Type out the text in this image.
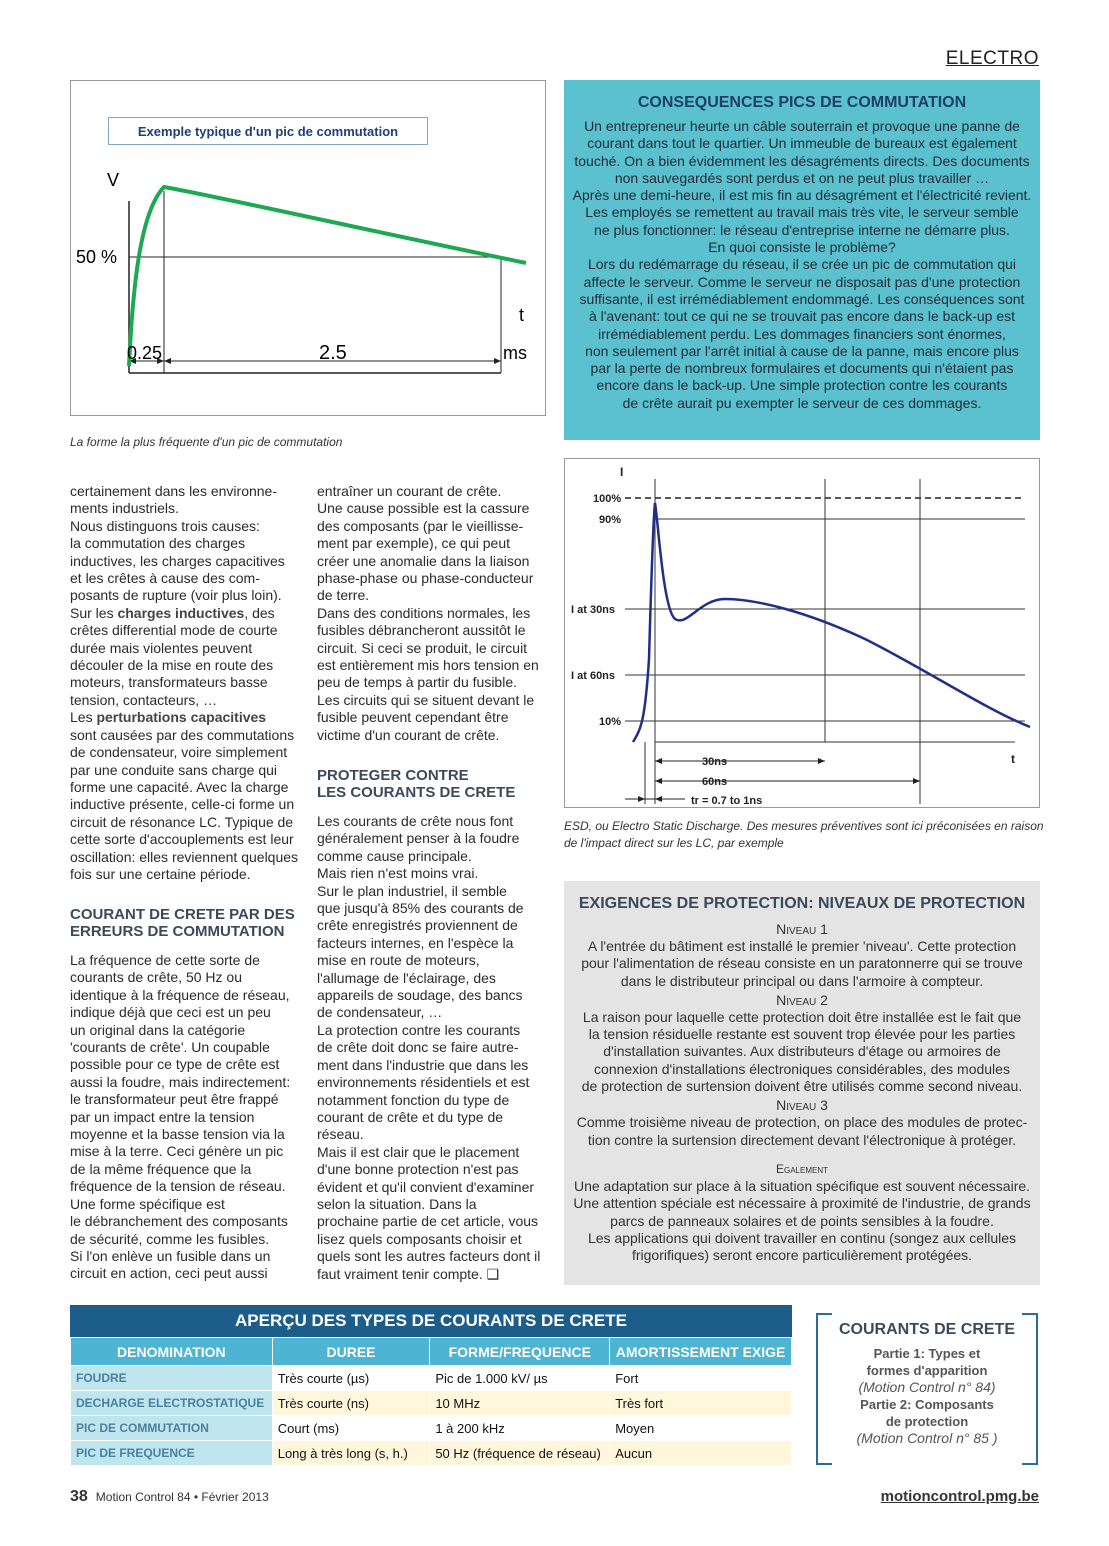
ELECTRO
Exemple typique d'un pic de commutation
V
50 %
t
0.25	2.5	ms
La forme la plus fréquente d'un pic de commutation
CONSEQUENCES PICS DE COMMUTATION

Un entrepreneur heurte un câble souterrain et provoque une panne de
courant dans tout le quartier. Un immeuble de bureaux est également
touché. On a bien évidemment les désagréments directs. Des documents
non sauvegardés sont perdus et on ne peut plus travailler …
Après une demi-heure, il est mis fin au désagrément et l'électricité revient.
Les employés se remettent au travail mais très vite, le serveur semble
ne plus fonctionner: le réseau d'entreprise interne ne démarre plus.
En quoi consiste le problème?
Lors du redémarrage du réseau, il se crée un pic de commutation qui
affecte le serveur. Comme le serveur ne disposait pas d'une protection
suffisante, il est irrémédiablement endommagé. Les conséquences sont
à l'avenant: tout ce qui ne se trouvait pas encore dans le back-up est
irrémédiablement perdu. Les dommages financiers sont énormes,
non seulement par l'arrêt initial à cause de la panne, mais encore plus
par la perte de nombreux formulaires et documents qui n'étaient pas
encore dans le back-up. Une simple protection contre les courants
de crête aurait pu exempter le serveur de ces dommages.

I
100%
90%
I at 30ns
I at 60ns
10%
30ns
60ns
tr = 0.7 to 1ns
t
ESD, ou Electro Static Discharge. Des mesures préventives sont ici préconisées en raison
de l'impact direct sur les LC, par exemple
certainement dans les environne-
ments industriels.
Nous distinguons trois causes:
la commutation des charges
inductives, les charges capacitives
et les crêtes à cause des com-
posants de rupture (voir plus loin).
Sur les charges inductives, des
crêtes differential mode de courte
durée mais violentes peuvent
découler de la mise en route des
moteurs, transformateurs basse
tension, contacteurs, …
Les perturbations capacitives
sont causées par des commutations
de condensateur, voire simplement
par une conduite sans charge qui
forme une capacité. Avec la charge
inductive présente, celle-ci forme un
circuit de résonance LC. Typique de
cette sorte d'accouplements est leur
oscillation: elles reviennent quelques
fois sur une certaine période.
COURANT DE CRETE PAR DES
ERREURS DE COMMUTATION
La fréquence de cette sorte de
courants de crête, 50 Hz ou
identique à la fréquence de réseau,
indique déjà que ceci est un peu
un original dans la catégorie
'courants de crête'. Un coupable
possible pour ce type de crête est
aussi la foudre, mais indirectement:
le transformateur peut être frappé
par un impact entre la tension
moyenne et la basse tension via la
mise à la terre. Ceci génère un pic
de la même fréquence que la
fréquence de la tension de réseau.
Une forme spécifique est
le débranchement des composants
de sécurité, comme les fusibles.
Si l'on enlève un fusible dans un
circuit en action, ceci peut aussi
entraîner un courant de crête.
Une cause possible est la cassure
des composants (par le vieillisse-
ment par exemple), ce qui peut
créer une anomalie dans la liaison
phase-phase ou phase-conducteur
de terre.
Dans des conditions normales, les
fusibles débrancheront aussitôt le
circuit. Si ceci se produit, le circuit
est entièrement mis hors tension en
peu de temps à partir du fusible.
Les circuits qui se situent devant le
fusible peuvent cependant être
victime d'un courant de crête.
PROTEGER CONTRE
LES COURANTS DE CRETE
Les courants de crête nous font
généralement penser à la foudre
comme cause principale.
Mais rien n'est moins vrai.
Sur le plan industriel, il semble
que jusqu'à 85% des courants de
crête enregistrés proviennent de
facteurs internes, en l'espèce la
mise en route de moteurs,
l'allumage de l'éclairage, des
appareils de soudage, des bancs
de condensateur, …
La protection contre les courants
de crête doit donc se faire autre-
ment dans l'industrie que dans les
environnements résidentiels et est
notamment fonction du type de
courant de crête et du type de
réseau.
Mais il est clair que le placement
d'une bonne protection n'est pas
évident et qu'il convient d'examiner
selon la situation. Dans la
prochaine partie de cet article, vous
lisez quels composants choisir et
quels sont les autres facteurs dont il
faut vraiment tenir compte. ❑
EXIGENCES DE PROTECTION: NIVEAUX DE PROTECTION
Niveau 1

A l'entrée du bâtiment est installé le premier 'niveau'. Cette protection
pour l'alimentation de réseau consiste en un paratonnerre qui se trouve
dans le distributeur principal ou dans l'armoire à compteur.

Niveau 2

La raison pour laquelle cette protection doit être installée est le fait que
la tension résiduelle restante est souvent trop élevée pour les parties
d'installation suivantes. Aux distributeurs d'étage ou armoires de
connexion d'installations électroniques considérables, des modules
de protection de surtension doivent être utilisés comme second niveau.

Niveau 3

Comme troisième niveau de protection, on place des modules de protec-
tion contre la surtension directement devant l'électronique à protéger.

Egalement

Une adaptation sur place à la situation spécifique est souvent nécessaire.
Une attention spéciale est nécessaire à proximité de l'industrie, de grands
parcs de panneaux solaires et de points sensibles à la foudre.
Les applications qui doivent travailler en continu (songez aux cellules
frigorifiques) seront encore particulièrement protégées.

APERÇU DES TYPES DE COURANTS DE CRETE
DENOMINATION	DUREE	FORME/FREQUENCE	AMORTISSEMENT EXIGE
FOUDRE	Très courte (µs)	Pic de 1.000 kV/ µs	Fort
DECHARGE ELECTROSTATIQUE	Très courte (ns)	10 MHz	Très fort
PIC DE COMMUTATION	Court (ms)	1 à 200 kHz	Moyen
PIC DE FREQUENCE	Long à très long (s, h.)	50 Hz (fréquence de réseau)	Aucun
COURANTS DE CRETE
Partie 1: Types et
formes d'apparition
(Motion Control n° 84)
Partie 2: Composants
de protection
(Motion Control n° 85 )
38 Motion Control 84 • Février 2013	motioncontrol.pmg.be
